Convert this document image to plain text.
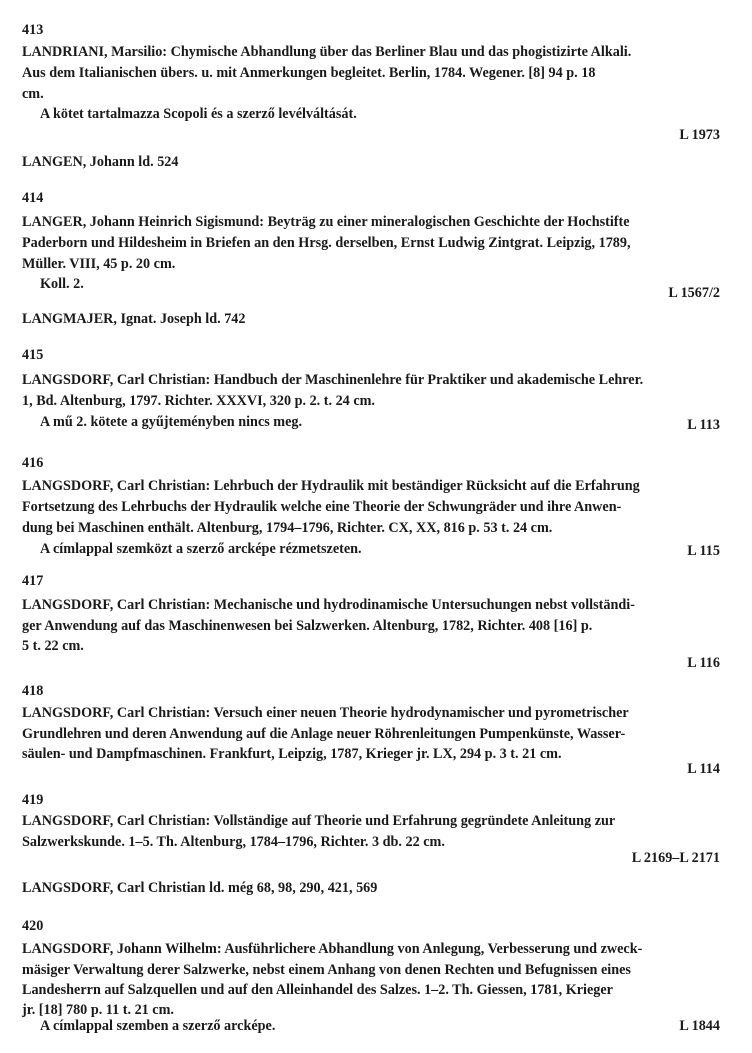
413
LANDRIANI, Marsilio: Chymische Abhandlung über das Berliner Blau und das phogistizirte Alkali.
Aus dem Italianischen übers. u. mit Anmerkungen begleitet. Berlin, 1784. Wegener. [8] 94 p. 18
cm.
A kötet tartalmazza Scopoli és a szerző levélváltását.
L 1973
LANGEN, Johann ld. 524
414
LANGER, Johann Heinrich Sigismund: Beyträg zu einer mineralogischen Geschichte der Hochstifte
Paderborn und Hildesheim in Briefen an den Hrsg. derselben, Ernst Ludwig Zintgrat. Leipzig, 1789,
Müller. VIII, 45 p. 20 cm.
Koll. 2.
L 1567/2
LANGMAJER, Ignat. Joseph ld. 742
415
LANGSDORF, Carl Christian: Handbuch der Maschinenlehre für Praktiker und akademische Lehrer.
1, Bd. Altenburg, 1797. Richter. XXXVI, 320 p. 2. t. 24 cm.
A mű 2. kötete a gyűjteményben nincs meg.	L 113
416
LANGSDORF, Carl Christian: Lehrbuch der Hydraulik mit beständiger Rücksicht auf die Erfahrung
Fortsetzung des Lehrbuchs der Hydraulik welche eine Theorie der Schwungräder und ihre Anwen-
dung bei Maschinen enthält. Altenburg, 1794–1796, Richter. CX, XX, 816 p. 53 t. 24 cm.
A címlappal szemközt a szerző arcképe rézmetszeten.	L 115
417
LANGSDORF, Carl Christian: Mechanische und hydrodinamische Untersuchungen nebst vollständi-
ger Anwendung auf das Maschinenwesen bei Salzwerken. Altenburg, 1782, Richter. 408 [16] p.
5 t. 22 cm.
L 116
418
LANGSDORF, Carl Christian: Versuch einer neuen Theorie hydrodynamischer und pyrometrischer
Grundlehren und deren Anwendung auf die Anlage neuer Röhrenleitungen Pumpenkünste, Wasser-
säulen- und Dampfmaschinen. Frankfurt, Leipzig, 1787, Krieger jr. LX, 294 p. 3 t. 21 cm.
L 114
419
LANGSDORF, Carl Christian: Vollständige auf Theorie und Erfahrung gegründete Anleitung zur
Salzwerkskunde. 1–5. Th. Altenburg, 1784–1796, Richter. 3 db. 22 cm.
L 2169–L 2171
LANGSDORF, Carl Christian ld. még 68, 98, 290, 421, 569
420
LANGSDORF, Johann Wilhelm: Ausführlichere Abhandlung von Anlegung, Verbesserung und zweck-
mäsiger Verwaltung derer Salzwerke, nebst einem Anhang von denen Rechten und Befugnissen eines
Landesherrn auf Salzquellen und auf den Alleinhandel des Salzes. 1–2. Th. Giessen, 1781, Krieger
jr. [18] 780 p. 11 t. 21 cm.
A címlappal szemben a szerző arcképe.	L 1844
